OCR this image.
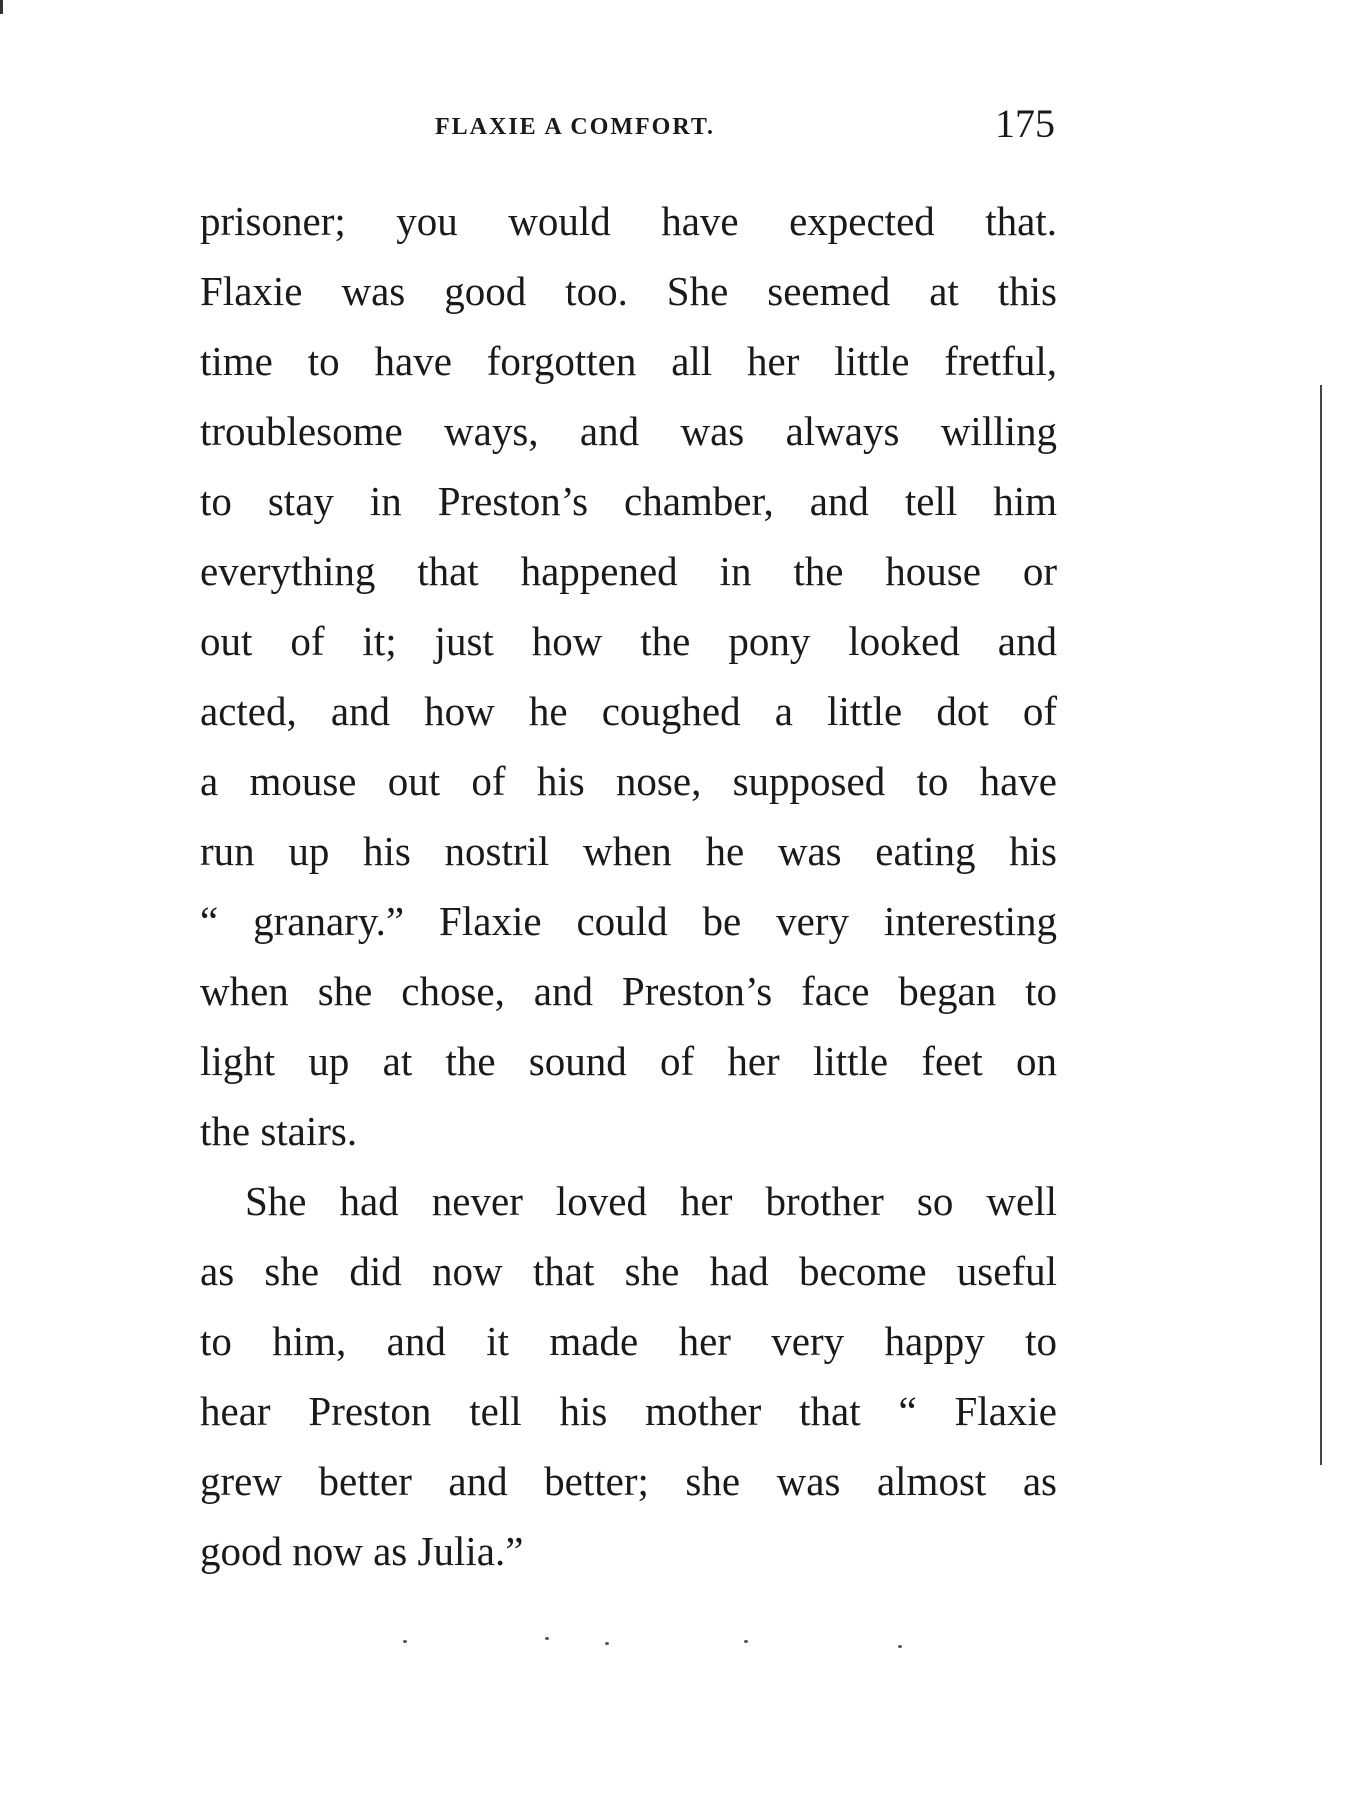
FLAXIE A COMFORT.	175
prisoner; you would have expected that.
Flaxie was good too. She seemed at this
time to have forgotten all her little fretful,
troublesome ways, and was always willing
to stay in Preston’s chamber, and tell him
everything that happened in the house or
out of it; just how the pony looked and
acted, and how he coughed a little dot of
a mouse out of his nose, supposed to have
run up his nostril when he was eating his
“ granary.” Flaxie could be very interesting
when she chose, and Preston’s face began to
light up at the sound of her little feet on
the stairs.
She had never loved her brother so well
as she did now that she had become useful
to him, and it made her very happy to
hear Preston tell his mother that “ Flaxie
grew better and better; she was almost as
good now as Julia.”
